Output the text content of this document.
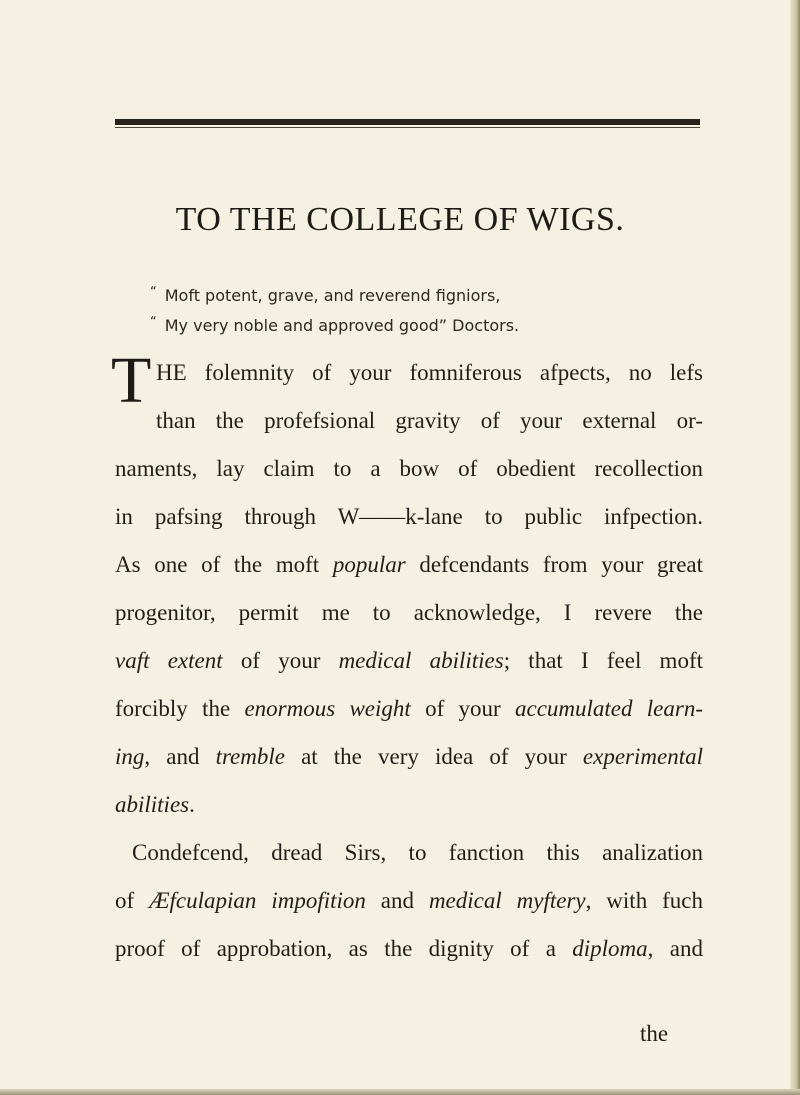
TO THE COLLEGE OF WIGS.
“ Moft potent, grave, and reverend figniors,
“ My very noble and approved good” Doctors.
T HE folemnity of your fomniferous afpects, no lefs
than the profefsional gravity of your external or-
naments, lay claim to a bow of obedient recollection
in pafsing through W——k-lane to public infpection.
As one of the moft popular defcendants from your great
progenitor, permit me to acknowledge, I revere the
vaft extent of your medical abilities; that I feel moft
forcibly the enormous weight of your accumulated learn-
ing, and tremble at the very idea of your experimental
abilities.
Condefcend, dread Sirs, to fanction this analization
of Æfculapian impofition and medical myftery, with fuch
proof of approbation, as the dignity of a diploma, and
the
